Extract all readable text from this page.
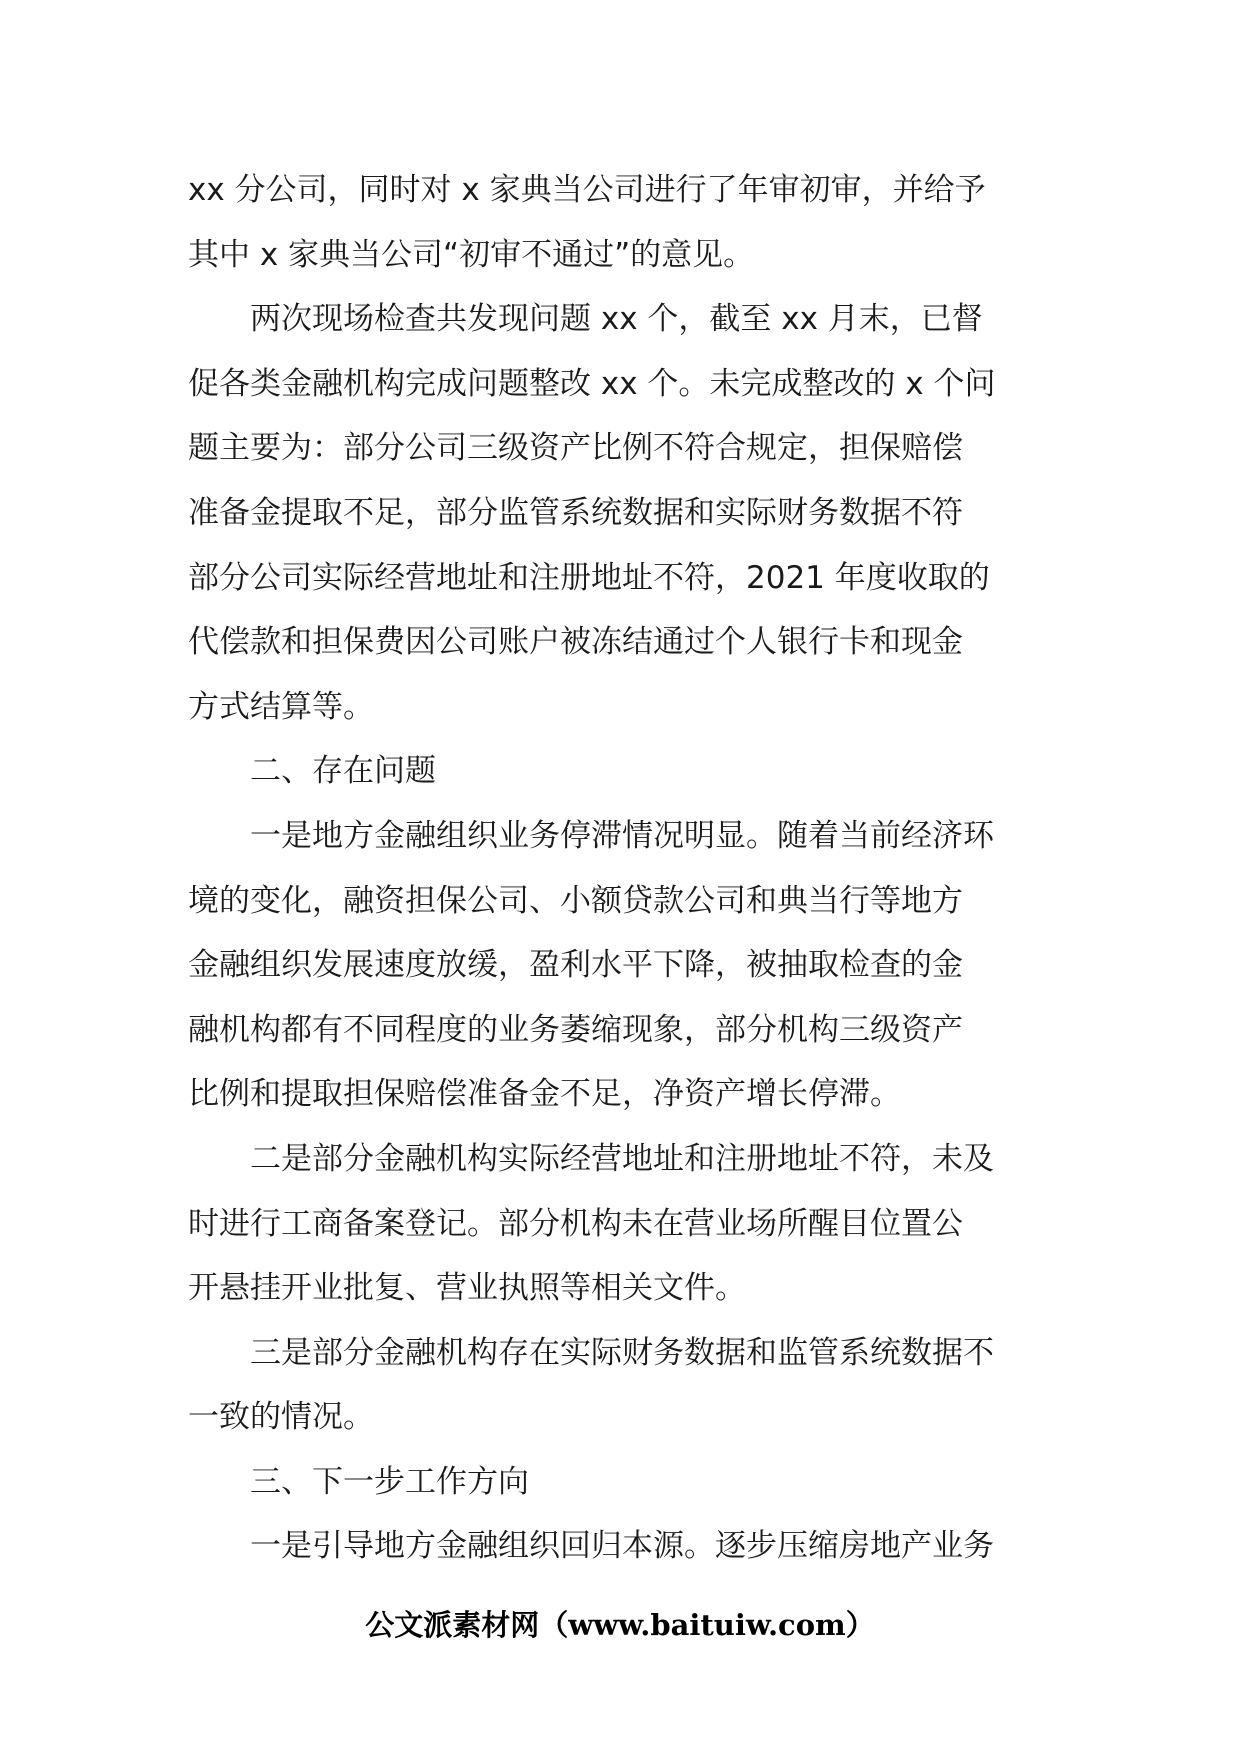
xx 分公司，同时对 x 家典当公司进行了年审初审，并给予
其中 x 家典当公司“初审不通过”的意见。
两次现场检查共发现问题 xx 个，截至 xx 月末，已督
促各类金融机构完成问题整改 xx 个。未完成整改的 x 个问
题主要为：部分公司三级资产比例不符合规定，担保赔偿
准备金提取不足，部分监管系统数据和实际财务数据不符
部分公司实际经营地址和注册地址不符，2021 年度收取的
代偿款和担保费因公司账户被冻结通过个人银行卡和现金
方式结算等。
二、存在问题
一是地方金融组织业务停滞情况明显。随着当前经济环
境的变化，融资担保公司、小额贷款公司和典当行等地方
金融组织发展速度放缓，盈利水平下降，被抽取检查的金
融机构都有不同程度的业务萎缩现象，部分机构三级资产
比例和提取担保赔偿准备金不足，净资产增长停滞。
二是部分金融机构实际经营地址和注册地址不符，未及
时进行工商备案登记。部分机构未在营业场所醒目位置公
开悬挂开业批复、营业执照等相关文件。
三是部分金融机构存在实际财务数据和监管系统数据不
一致的情况。
三、下一步工作方向
一是引导地方金融组织回归本源。逐步压缩房地产业务
公文派素材网（www.baituiw.com）
